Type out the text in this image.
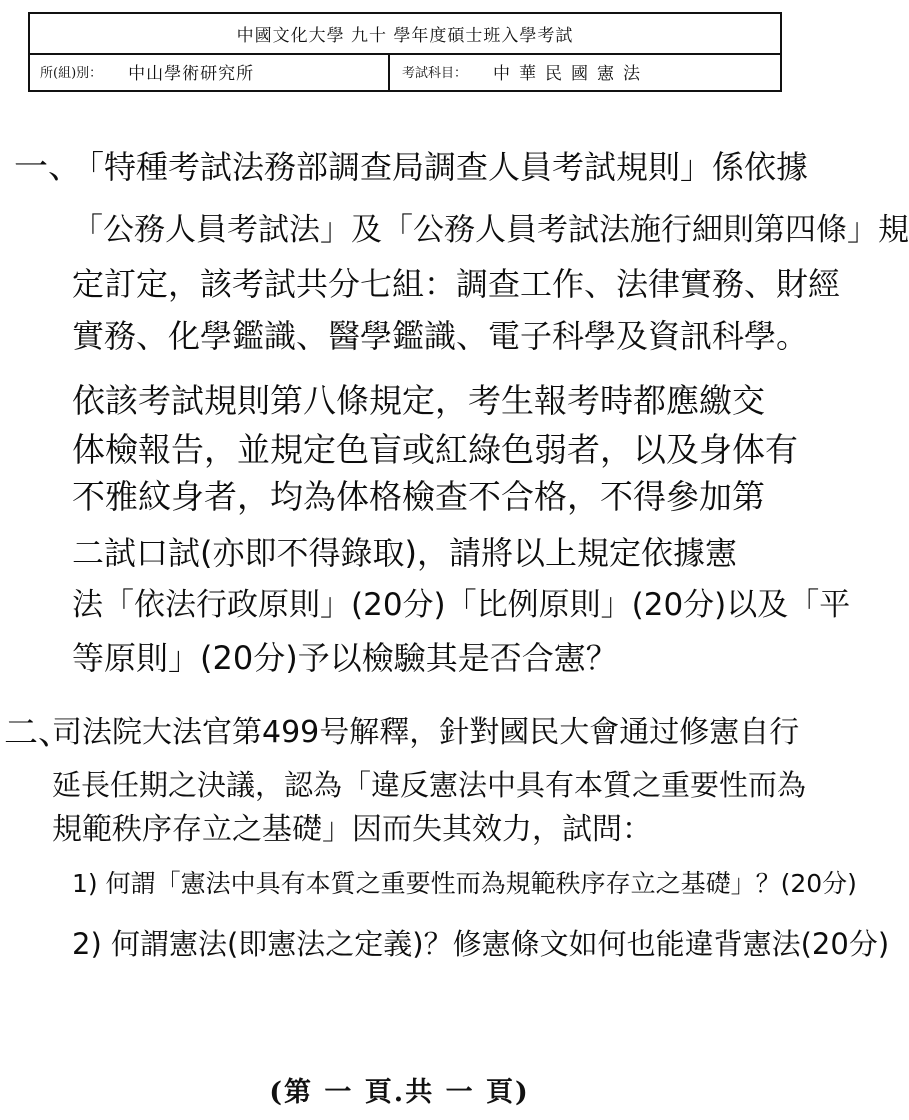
中國文化大學 九十 學年度碩士班入學考試
所(組)別： 中山學術研究所	考試科目： 中華民國憲法
一、
「特種考試法務部調查局調查人員考試規則」係依據
「公務人員考試法」及「公務人員考試法施行細則第四條」規
定訂定，該考試共分七組：調查工作、法律實務、財經
實務、化學鑑識、醫學鑑識、電子科學及資訊科學。
依該考試規則第八條規定，考生報考時都應繳交
体檢報告，並規定色盲或紅綠色弱者，以及身体有
不雅紋身者，均為体格檢查不合格，不得參加第
二試口試(亦即不得錄取)，請將以上規定依據憲
法「依法行政原則」(20分)「比例原則」(20分)以及「平
等原則」(20分)予以檢驗其是否合憲？
二、
司法院大法官第499号解釋，針對國民大會通过修憲自行
延長任期之決議，認為「違反憲法中具有本質之重要性而為
規範秩序存立之基礎」因而失其效力，試問：
1) 何謂「憲法中具有本質之重要性而為規範秩序存立之基礎」？(20分)
2) 何謂憲法(即憲法之定義)？修憲條文如何也能違背憲法(20分)
(第 一 頁.共 一 頁)
